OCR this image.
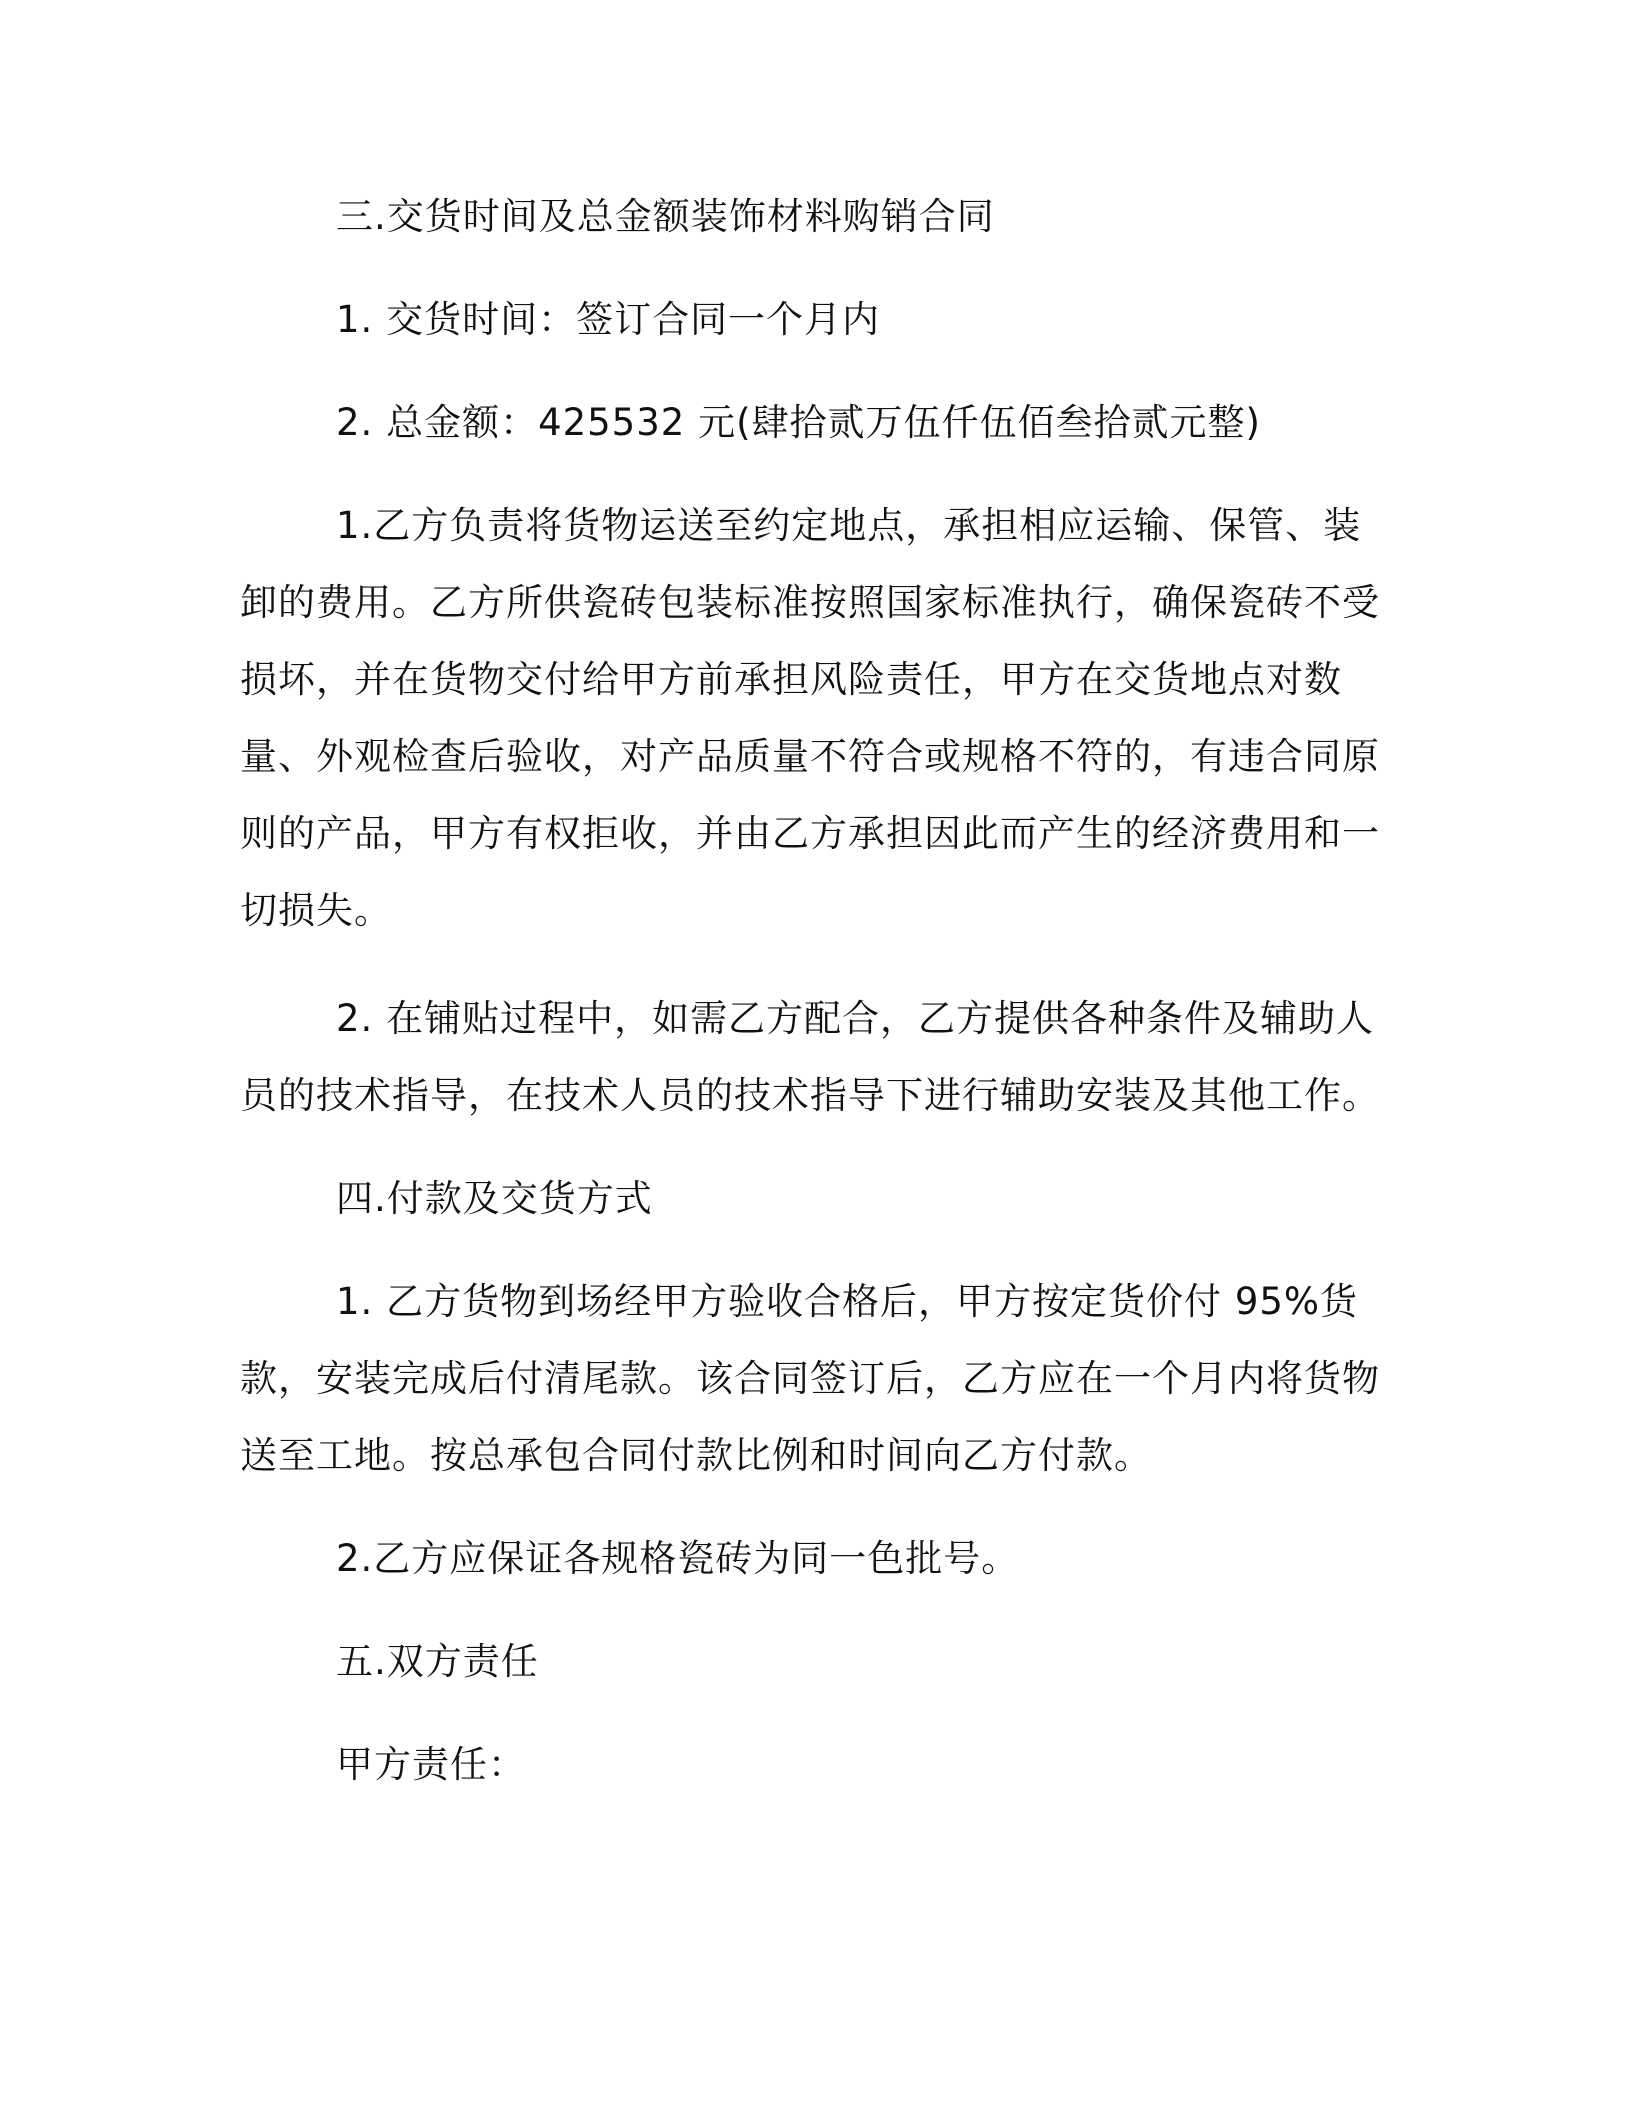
三.交货时间及总金额装饰材料购销合同

1. 交货时间：签订合同一个月内

2. 总金额：425532 元(肆拾贰万伍仟伍佰叁拾贰元整)

1.乙方负责将货物运送至约定地点，承担相应运输、保管、装卸的费用。乙方所供瓷砖包装标准按照国家标准执行，确保瓷砖不受损坏，并在货物交付给甲方前承担风险责任，甲方在交货地点对数量、外观检查后验收，对产品质量不符合或规格不符的，有违合同原则的产品，甲方有权拒收，并由乙方承担因此而产生的经济费用和一切损失。

2. 在铺贴过程中，如需乙方配合，乙方提供各种条件及辅助人员的技术指导，在技术人员的技术指导下进行辅助安装及其他工作。

四.付款及交货方式

1. 乙方货物到场经甲方验收合格后，甲方按定货价付 95%货款，安装完成后付清尾款。该合同签订后，乙方应在一个月内将货物送至工地。按总承包合同付款比例和时间向乙方付款。

2.乙方应保证各规格瓷砖为同一色批号。

五.双方责任

甲方责任：
